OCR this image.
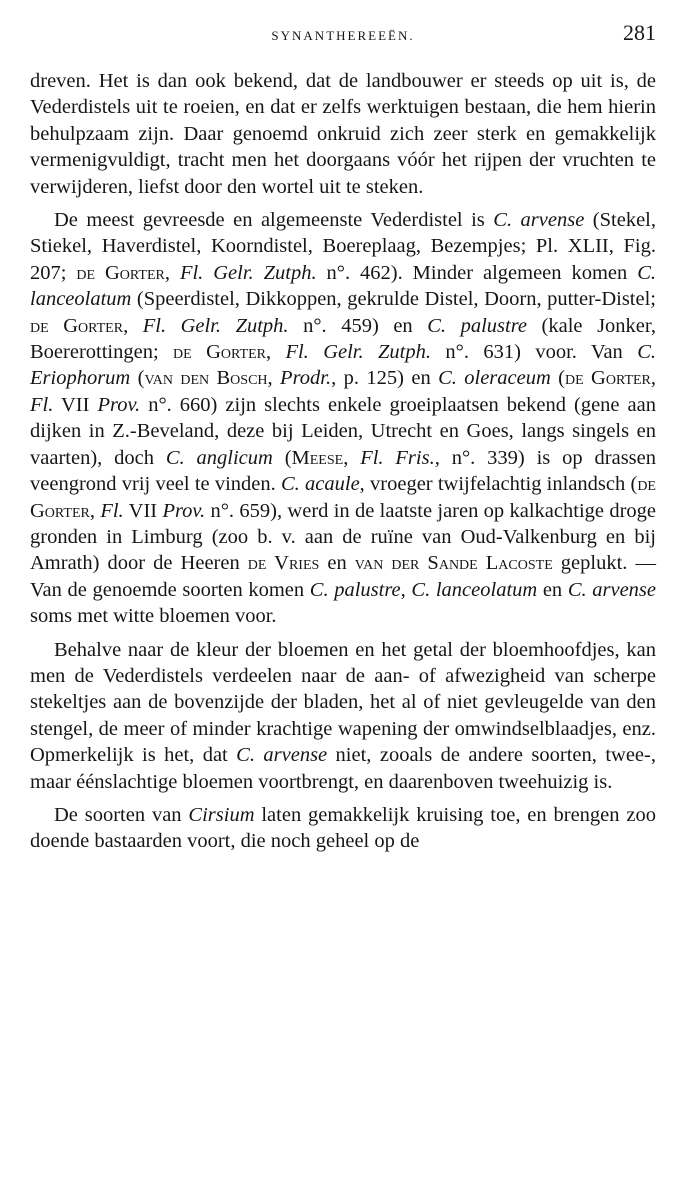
SYNANTHEREEËN.	281

dreven. Het is dan ook bekend, dat de landbouwer er steeds op uit is, de Vederdistels uit te roeien, en dat er zelfs werktuigen bestaan, die hem hierin behulpzaam zijn. Daar genoemd onkruid zich zeer sterk en gemakkelijk vermenigvuldigt, tracht men het doorgaans vóór het rijpen der vruchten te verwijderen, liefst door den wortel uit te steken.

De meest gevreesde en algemeenste Vederdistel is C. arvense (Stekel, Stiekel, Haverdistel, Koorndistel, Boereplaag, Bezempjes; Pl. XLII, Fig. 207; de Gorter, Fl. Gelr. Zutph. n°. 462). Minder algemeen komen C. lanceolatum (Speerdistel, Dikkoppen, gekrulde Distel, Doorn, putter-Distel; de Gorter, Fl. Gelr. Zutph. n°. 459) en C. palustre (kale Jonker, Boererottingen; de Gorter, Fl. Gelr. Zutph. n°. 631) voor. Van C. Eriophorum (van den Bosch, Prodr., p. 125) en C. oleraceum (de Gorter, Fl. VII Prov. n°. 660) zijn slechts enkele groeiplaatsen bekend (gene aan dijken in Z.-Beveland, deze bij Leiden, Utrecht en Goes, langs singels en vaarten), doch C. anglicum (Meese, Fl. Fris., n°. 339) is op drassen veengrond vrij veel te vinden. C. acaule, vroeger twijfelachtig inlandsch (de Gorter, Fl. VII Prov. n°. 659), werd in de laatste jaren op kalkachtige droge gronden in Limburg (zoo b. v. aan de ruïne van Oud-Valkenburg en bij Amrath) door de Heeren de Vries en van der Sande Lacoste geplukt. — Van de genoemde soorten komen C. palustre, C. lanceolatum en C. arvense soms met witte bloemen voor.

Behalve naar de kleur der bloemen en het getal der bloemhoofdjes, kan men de Vederdistels verdeelen naar de aan- of afwezigheid van scherpe stekeltjes aan de bovenzijde der bladen, het al of niet gevleugelde van den stengel, de meer of minder krachtige wapening der omwindselblaadjes, enz. Opmerkelijk is het, dat C. arvense niet, zooals de andere soorten, twee-, maar éénslachtige bloemen voortbrengt, en daarenboven tweehuizig is.

De soorten van Cirsium laten gemakkelijk kruising toe, en brengen zoo doende bastaarden voort, die noch geheel op de
